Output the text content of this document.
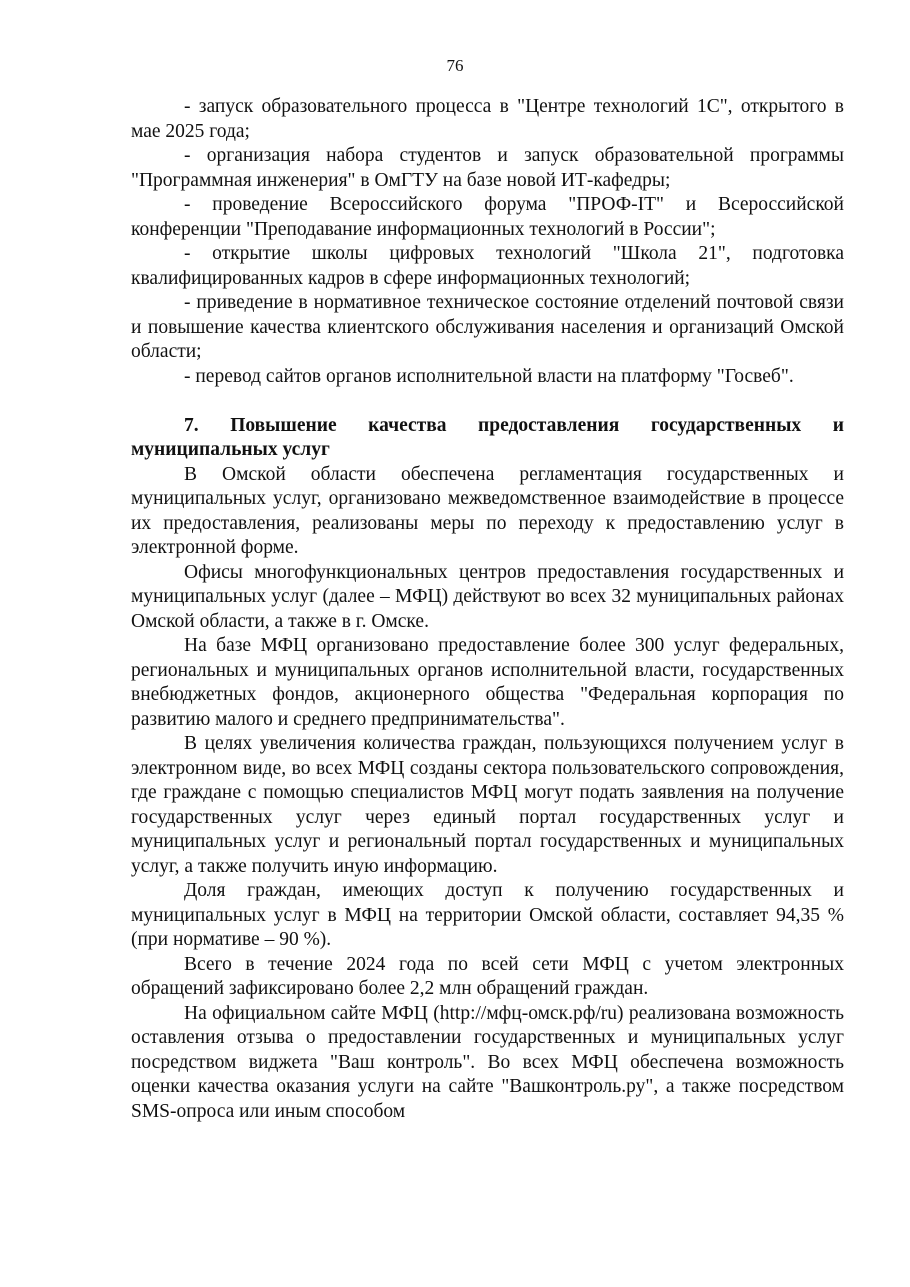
76

- запуск образовательного процесса в "Центре технологий 1С", открытого в мае 2025 года;

- организация набора студентов и запуск образовательной программы "Программная инженерия" в ОмГТУ на базе новой ИТ-кафедры;

- проведение Всероссийского форума "ПРОФ-IT" и Всероссийской конференции "Преподавание информационных технологий в России";

- открытие школы цифровых технологий "Школа 21", подготовка квалифицированных кадров в сфере информационных технологий;

- приведение в нормативное техническое состояние отделений почтовой связи и повышение качества клиентского обслуживания населения и организаций Омской области;

- перевод сайтов органов исполнительной власти на платформу "Госвеб".

7. Повышение качества предоставления государственных и муниципальных услуг

В Омской области обеспечена регламентация государственных и муниципальных услуг, организовано межведомственное взаимодействие в процессе их предоставления, реализованы меры по переходу к предоставлению услуг в электронной форме.

Офисы многофункциональных центров предоставления государственных и муниципальных услуг (далее – МФЦ) действуют во всех 32 муниципальных районах Омской области, а также в г. Омске.

На базе МФЦ организовано предоставление более 300 услуг федеральных, региональных и муниципальных органов исполнительной власти, государственных внебюджетных фондов, акционерного общества "Федеральная корпорация по развитию малого и среднего предпринимательства".

В целях увеличения количества граждан, пользующихся получением услуг в электронном виде, во всех МФЦ созданы сектора пользовательского сопровождения, где граждане с помощью специалистов МФЦ могут подать заявления на получение государственных услуг через единый портал государственных услуг и муниципальных услуг и региональный портал государственных и муниципальных услуг, а также получить иную информацию.

Доля граждан, имеющих доступ к получению государственных и муниципальных услуг в МФЦ на территории Омской области, составляет 94,35 % (при нормативе – 90 %).

Всего в течение 2024 года по всей сети МФЦ с учетом электронных обращений зафиксировано более 2,2 млн обращений граждан.

На официальном сайте МФЦ (http://мфц-омск.рф/ru) реализована возможность оставления отзыва о предоставлении государственных и муниципальных услуг посредством виджета "Ваш контроль". Во всех МФЦ обеспечена возможность оценки качества оказания услуги на сайте "Вашконтроль.ру", а также посредством SMS-опроса или иным способом
